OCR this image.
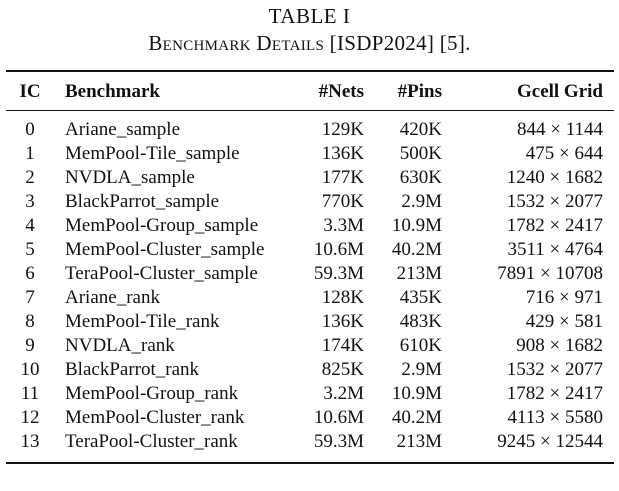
TABLE I
Benchmark Details [ISDP2024] [5].
IC	Benchmark	#Nets	#Pins	Gcell Grid
0	Ariane_sample	129K	420K	844 × 1144
1	MemPool-Tile_sample	136K	500K	475 × 644
2	NVDLA_sample	177K	630K	1240 × 1682
3	BlackParrot_sample	770K	2.9M	1532 × 2077
4	MemPool-Group_sample	3.3M	10.9M	1782 × 2417
5	MemPool-Cluster_sample	10.6M	40.2M	3511 × 4764
6	TeraPool-Cluster_sample	59.3M	213M	7891 × 10708
7	Ariane_rank	128K	435K	716 × 971
8	MemPool-Tile_rank	136K	483K	429 × 581
9	NVDLA_rank	174K	610K	908 × 1682
10	BlackParrot_rank	825K	2.9M	1532 × 2077
11	MemPool-Group_rank	3.2M	10.9M	1782 × 2417
12	MemPool-Cluster_rank	10.6M	40.2M	4113 × 5580
13	TeraPool-Cluster_rank	59.3M	213M	9245 × 12544
